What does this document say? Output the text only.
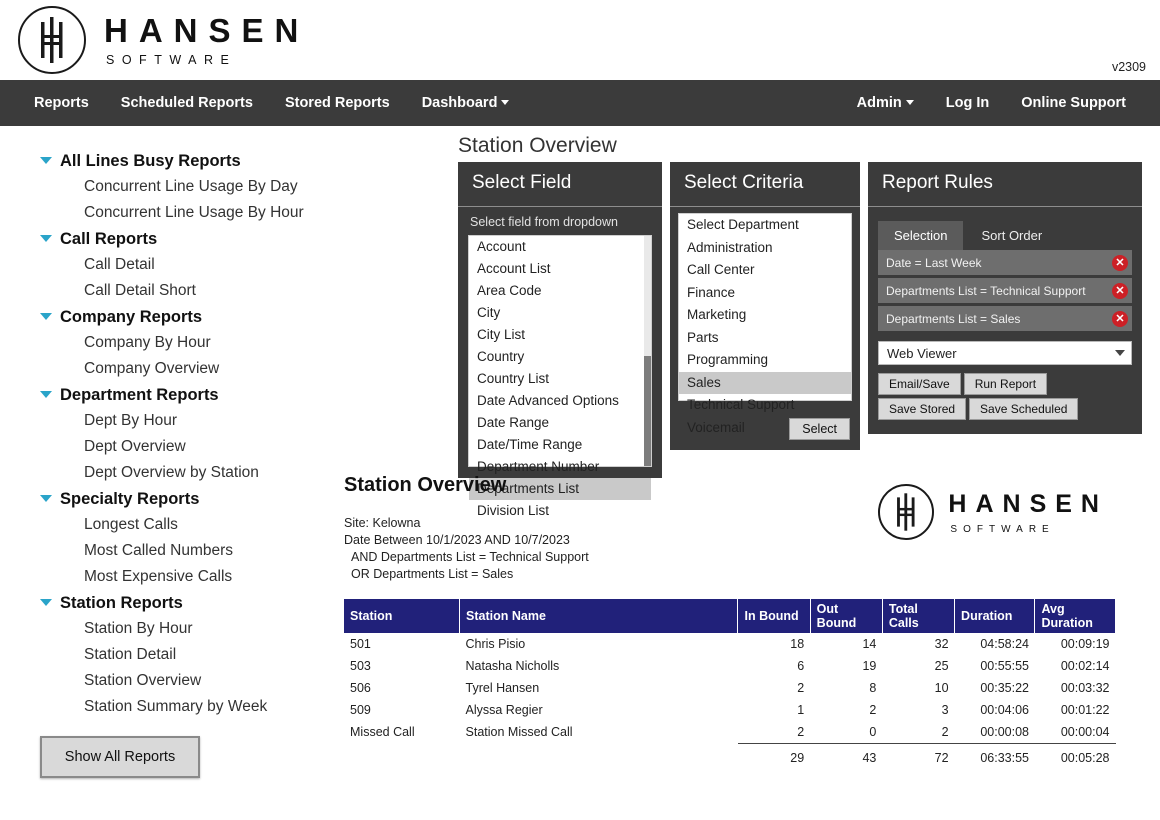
HANSEN
SOFTWARE
v2309
Reports	Scheduled Reports	Stored Reports	Dashboard	Admin	Log In	Online Support
All Lines Busy Reports
Concurrent Line Usage By Day
Concurrent Line Usage By Hour
Call Reports
Call Detail
Call Detail Short
Company Reports
Company By Hour
Company Overview
Department Reports
Dept By Hour
Dept Overview
Dept Overview by Station
Specialty Reports
Longest Calls
Most Called Numbers
Most Expensive Calls
Station Reports
Station By Hour
Station Detail
Station Overview
Station Summary by Week
Show All Reports
Station Overview
Select Field
Select field from dropdown
Account
Account List
Area Code
City
City List
Country
Country List
Date Advanced Options
Date Range
Date/Time Range
Department Number
Departments List
Division List
Select Criteria
Select Department
Administration
Call Center
Finance
Marketing
Parts
Programming
Sales
Technical Support
Voicemail	Select
Report Rules
Selection	Sort Order
Date = Last Week	✕
Departments List = Technical Support	✕
Departments List = Sales	✕
Web Viewer
Email/Save	Run Report
Save Stored	Save Scheduled
Station Overview
HANSEN
SOFTWARE
Site: Kelowna
Date Between 10/1/2023 AND 10/7/2023
AND Departments List = Technical Support
OR Departments List = Sales
Station	Station Name	In Bound	Out Bound	Total Calls	Duration	Avg Duration
501	Chris Pisio	18	14	32	04:58:24	00:09:19
503	Natasha Nicholls	6	19	25	00:55:55	00:02:14
506	Tyrel Hansen	2	8	10	00:35:22	00:03:32
509	Alyssa Regier	1	2	3	00:04:06	00:01:22
Missed Call	Station Missed Call	2	0	2	00:00:08	00:00:04
		29	43	72	06:33:55	00:05:28
